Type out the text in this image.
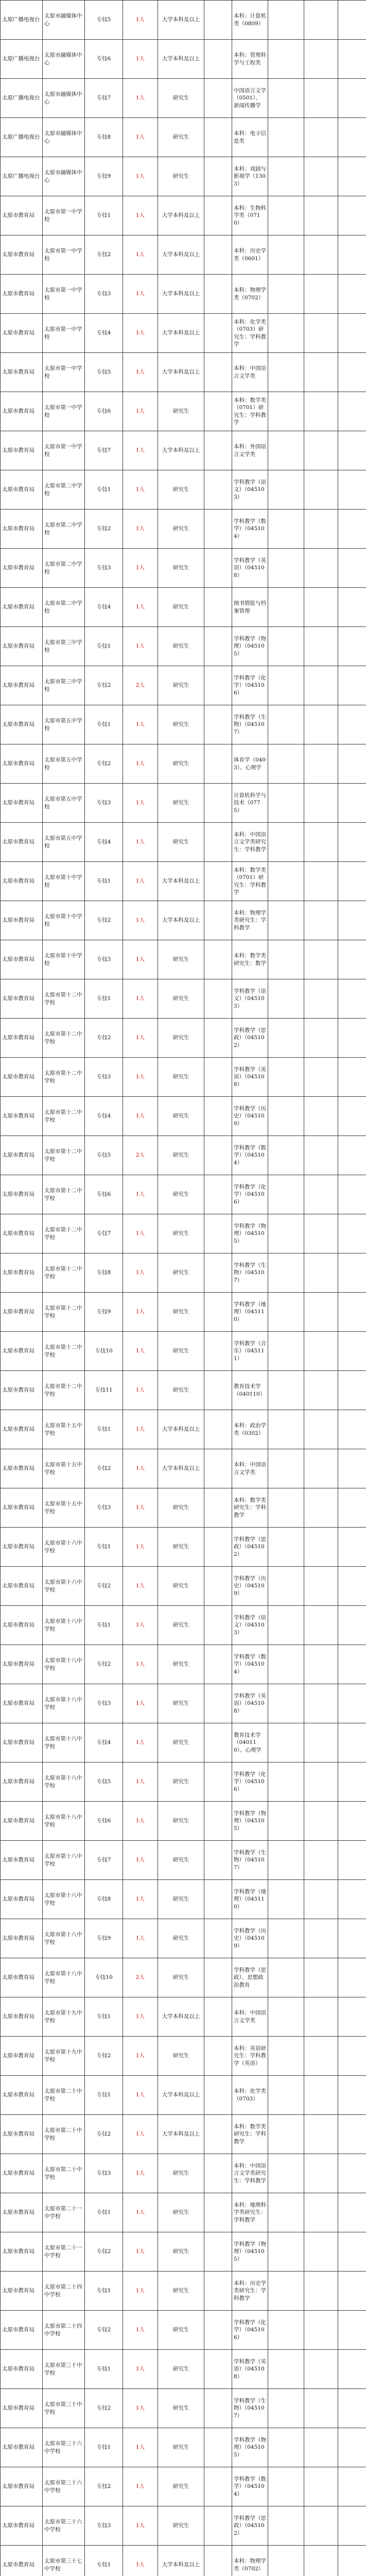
太原广播电视台	太原市融媒体中心	专技5	1人	大学本科及以上		本科：计算机类（0809）			
太原广播电视台	太原市融媒体中心	专技6	1人	大学本科及以上		本科：管理科学与工程类			
太原广播电视台	太原市融媒体中心	专技7	1人	研究生		中国语言文学（0501）、新闻传播学			
太原广播电视台	太原市融媒体中心	专技8	1人	研究生		本科：电子信息类			
太原广播电视台	太原市融媒体中心	专技9	1人	研究生		本科：戏剧与影视学（1303）			
太原市教育局	太原市第一中学校	专技1	1人	大学本科及以上		本科：生物科学类（0710）			
太原市教育局	太原市第一中学校	专技2	1人	大学本科及以上		本科：历史学类（0601）			
太原市教育局	太原市第一中学校	专技3	1人	大学本科及以上		本科：物理学类（0702）			
太原市教育局	太原市第一中学校	专技4	1人	大学本科及以上		本科：化学类（0703）研究生：学科教学			
太原市教育局	太原市第一中学校	专技5	1人	大学本科及以上		本科：中国语言文学类			
太原市教育局	太原市第一中学校	专技6	1人	研究生		本科：数学类（0701）研究生：学科教学			
太原市教育局	太原市第一中学校	专技7	1人	大学本科及以上		本科：外国语言文学类			
太原市教育局	太原市第二中学校	专技1	1人	研究生		学科教学（语文）（045103）			
太原市教育局	太原市第二中学校	专技2	1人	研究生		学科教学（数学）（045104）			
太原市教育局	太原市第二中学校	专技3	1人	研究生		学科教学（英语）（045108）			
太原市教育局	太原市第二中学校	专技4	1人	研究生		图书情报与档案管理			
太原市教育局	太原市第三中学校	专技1	1人	研究生		学科教学（物理）（045105）			
太原市教育局	太原市第三中学校	专技2	2人	研究生		学科教学（化学）（045106）			
太原市教育局	太原市第五中学校	专技1	1人	研究生		学科教学（生物）（045107）			
太原市教育局	太原市第五中学校	专技2	1人	研究生		体育学（0403）、心理学			
太原市教育局	太原市第五中学校	专技3	1人	研究生		计算机科学与技术（0775）			
太原市教育局	太原市第五中学校	专技4	1人	研究生		本科：中国语言文学类研究生：学科教学			
太原市教育局	太原市第十中学校	专技1	1人	大学本科及以上		本科：数学类（0701）研究生：学科教学			
太原市教育局	太原市第十中学校	专技2	1人	大学本科及以上		本科：物理学类研究生：学科教学			
太原市教育局	太原市第十中学校	专技3	1人	研究生		本科：数学类研究生：数学			
太原市教育局	太原市第十二中学校	专技1	1人	研究生		学科教学（语文）（045103）			
太原市教育局	太原市第十二中学校	专技2	1人	研究生		学科教学（思政）（045102）			
太原市教育局	太原市第十二中学校	专技3	1人	研究生		学科教学（英语）（045108）			
太原市教育局	太原市第十二中学校	专技4	1人	研究生		学科教学（历史）（045109）			
太原市教育局	太原市第十二中学校	专技5	2人	研究生		学科教学（数学）（045104）			
太原市教育局	太原市第十二中学校	专技6	1人	研究生		学科教学（化学）（045106）			
太原市教育局	太原市第十二中学校	专技7	1人	研究生		学科教学（物理）（045105）			
太原市教育局	太原市第十二中学校	专技8	1人	研究生		学科教学（生物）（045107）			
太原市教育局	太原市第十二中学校	专技9	1人	研究生		学科教学（地理）（045110）			
太原市教育局	太原市第十二中学校	专技10	1人	研究生		学科教学（音乐）（045111）			
太原市教育局	太原市第十二中学校	专技11	1人	研究生		教育技术学（040110）			
太原市教育局	太原市第十五中学校	专技1	1人	大学本科及以上		本科：政治学类（0302）			
太原市教育局	太原市第十五中学校	专技2	1人	大学本科及以上		本科：中国语言文学类			
太原市教育局	太原市第十五中学校	专技3	1人	研究生		本科：数学类研究生：学科教学			
太原市教育局	太原市第十六中学校	专技1	1人	研究生		学科教学（思政）（045102）			
太原市教育局	太原市第十六中学校	专技2	1人	研究生		学科教学（历史）（045109）			
太原市教育局	太原市第十八中学校	专技1	1人	研究生		学科教学（语文）（045103）			
太原市教育局	太原市第十八中学校	专技2	1人	研究生		学科教学（数学）（045104）			
太原市教育局	太原市第十八中学校	专技3	1人	研究生		学科教学（英语）（045108）			
太原市教育局	太原市第十八中学校	专技4	1人	研究生		教育技术学（040110）、心理学			
太原市教育局	太原市第十八中学校	专技5	1人	研究生		学科教学（化学）（045106）			
太原市教育局	太原市第十八中学校	专技6	1人	研究生		学科教学（物理）（045105）			
太原市教育局	太原市第十八中学校	专技7	1人	研究生		学科教学（生物）（045107）			
太原市教育局	太原市第十八中学校	专技8	1人	研究生		学科教学（地理）（045110）			
太原市教育局	太原市第十八中学校	专技9	1人	研究生		学科教学（历史）（045109）			
太原市教育局	太原市第十八中学校	专技10	2人	研究生		学科教学（思政）、思想政治教育			
太原市教育局	太原市第十九中学校	专技1	1人	大学本科及以上		本科：中国语言文学类			
太原市教育局	太原市第十九中学校	专技2	1人	研究生		本科：英语研究生：学科教学（英语）			
太原市教育局	太原市第二十中学校	专技1	1人	大学本科及以上		本科：化学类（0703）			
太原市教育局	太原市第二十中学校	专技2	1人	大学本科及以上		本科：数学类研究生：学科教学			
太原市教育局	太原市第二十中学校	专技3	1人	研究生		本科：中国语言文学类研究生：学科教学			
太原市教育局	太原市第二十一中学校	专技1	1人	研究生		本科：地理科学类研究生：学科教学			
太原市教育局	太原市第二十一中学校	专技2	1人	研究生		学科教学（物理）（045105）			
太原市教育局	太原市第二十四中学校	专技1	1人	研究生		本科：历史学类研究生：学科教学			
太原市教育局	太原市第二十四中学校	专技2	1人	研究生		学科教学（化学）（045106）			
太原市教育局	太原市第三十中学校	专技1	1人	研究生		学科教学（英语）（045108）			
太原市教育局	太原市第三十中学校	专技2	1人	研究生		学科教学（生物）（045107）			
太原市教育局	太原市第三十六中学校	专技1	1人	研究生		学科教学（物理）（045105）			
太原市教育局	太原市第三十六中学校	专技2	1人	研究生		学科教学（数学）（045104）			
太原市教育局	太原市第三十六中学校	专技3	1人	研究生		学科教学（思政）（045102）			
太原市教育局	太原市第三十七中学校	专技1	1人	大学本科及以上		本科：物理学类（0702）			
